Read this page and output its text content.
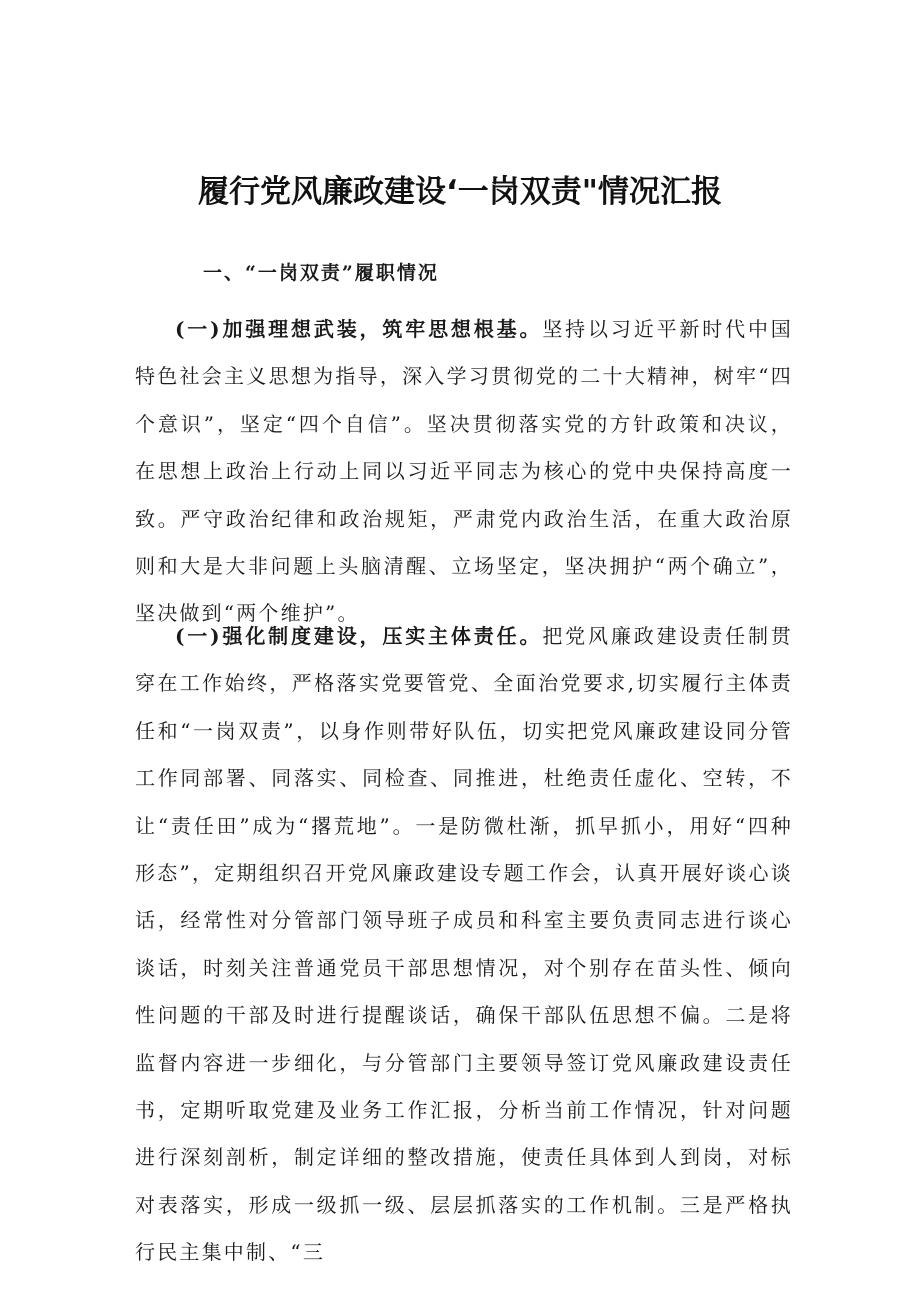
履行党风廉政建设‘一岗双责"情况汇报
一、“一岗双责”履职情况

(一)加强理想武装，筑牢思想根基。坚持以习近平新时代中国特色社会主义思想为指导，深入学习贯彻党的二十大精神，树牢“四个意识”，坚定“四个自信”。坚决贯彻落实党的方针政策和决议，在思想上政治上行动上同以习近平同志为核心的党中央保持高度一致。严守政治纪律和政治规矩，严肃党内政治生活，在重大政治原则和大是大非问题上头脑清醒、立场坚定，坚决拥护“两个确立”，坚决做到“两个维护”。

(一)强化制度建设，压实主体责任。把党风廉政建设责任制贯穿在工作始终，严格落实党要管党、全面治党要求,切实履行主体责任和“一岗双责”，以身作则带好队伍，切实把党风廉政建设同分管工作同部署、同落实、同检查、同推进，杜绝责任虚化、空转，不让“责任田”成为“撂荒地”。一是防微杜渐，抓早抓小，用好“四种形态”，定期组织召开党风廉政建设专题工作会，认真开展好谈心谈话，经常性对分管部门领导班子成员和科室主要负责同志进行谈心谈话，时刻关注普通党员干部思想情况，对个别存在苗头性、倾向性问题的干部及时进行提醒谈话，确保干部队伍思想不偏。二是将监督内容进一步细化，与分管部门主要领导签订党风廉政建设责任书，定期听取党建及业务工作汇报，分析当前工作情况，针对问题进行深刻剖析，制定详细的整改措施，使责任具体到人到岗，对标对表落实，形成一级抓一级、层层抓落实的工作机制。三是严格执行民主集中制、“三
